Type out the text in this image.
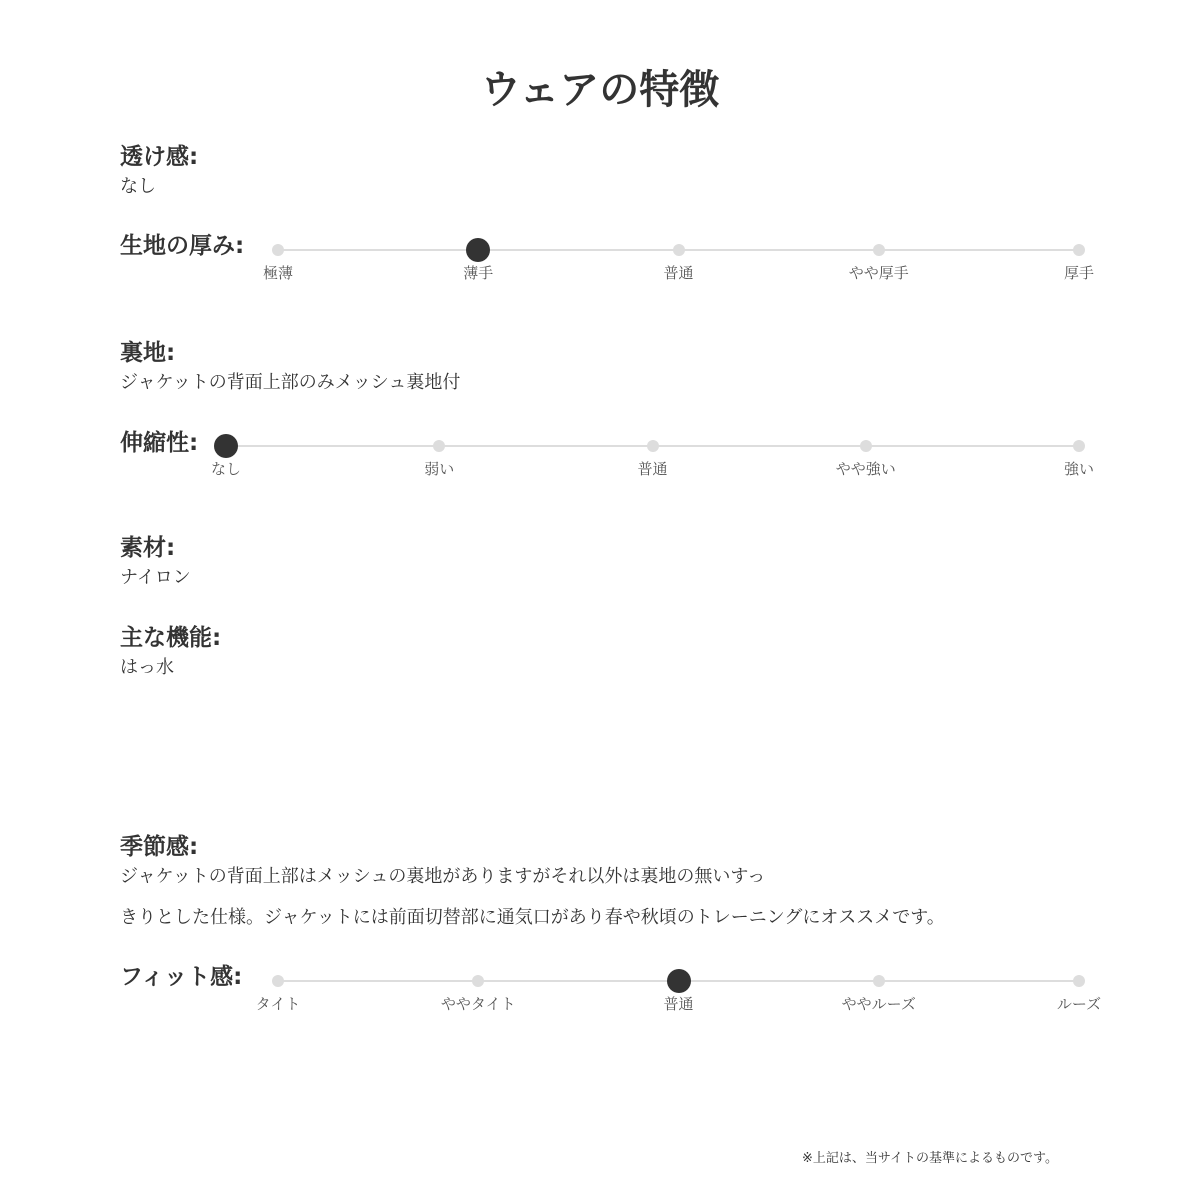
ウェアの特徴
透け感:
なし
生地の厚み:
極薄	薄手	普通	やや厚手	厚手
裏地:
ジャケットの背面上部のみメッシュ裏地付
伸縮性:
なし	弱い	普通	やや強い	強い
素材:
ナイロン
主な機能:
はっ水
季節感:
ジャケットの背面上部はメッシュの裏地がありますがそれ以外は裏地の無いすっ
きりとした仕様。ジャケットには前面切替部に通気口があり春や秋頃のトレーニングにオススメです。
フィット感:
タイト	ややタイト	普通	ややルーズ	ルーズ
※上記は、当サイトの基準によるものです。
